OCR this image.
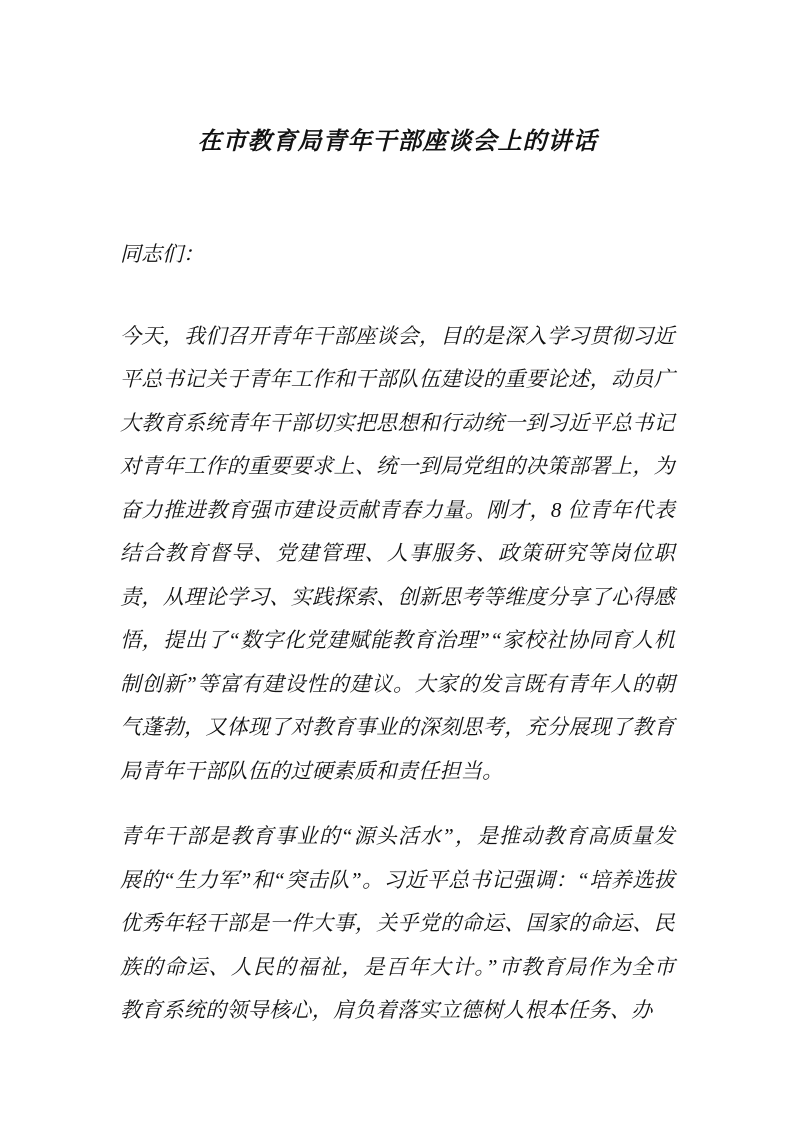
在市教育局青年干部座谈会上的讲话

同志们：

今天，我们召开青年干部座谈会，目的是深入学习贯彻习近平总书记关于青年工作和干部队伍建设的重要论述，动员广大教育系统青年干部切实把思想和行动统一到习近平总书记对青年工作的重要要求上、统一到局党组的决策部署上，为奋力推进教育强市建设贡献青春力量。刚才，8 位青年代表结合教育督导、党建管理、人事服务、政策研究等岗位职责，从理论学习、实践探索、创新思考等维度分享了心得感悟，提出了“数字化党建赋能教育治理”“家校社协同育人机制创新”等富有建设性的建议。大家的发言既有青年人的朝气蓬勃，又体现了对教育事业的深刻思考，充分展现了教育局青年干部队伍的过硬素质和责任担当。

青年干部是教育事业的“源头活水”，是推动教育高质量发展的“生力军”和“突击队”。习近平总书记强调：“培养选拔优秀年轻干部是一件大事，关乎党的命运、国家的命运、民族的命运、人民的福祉，是百年大计。”市教育局作为全市教育系统的领导核心，肩负着落实立德树人根本任务、办
